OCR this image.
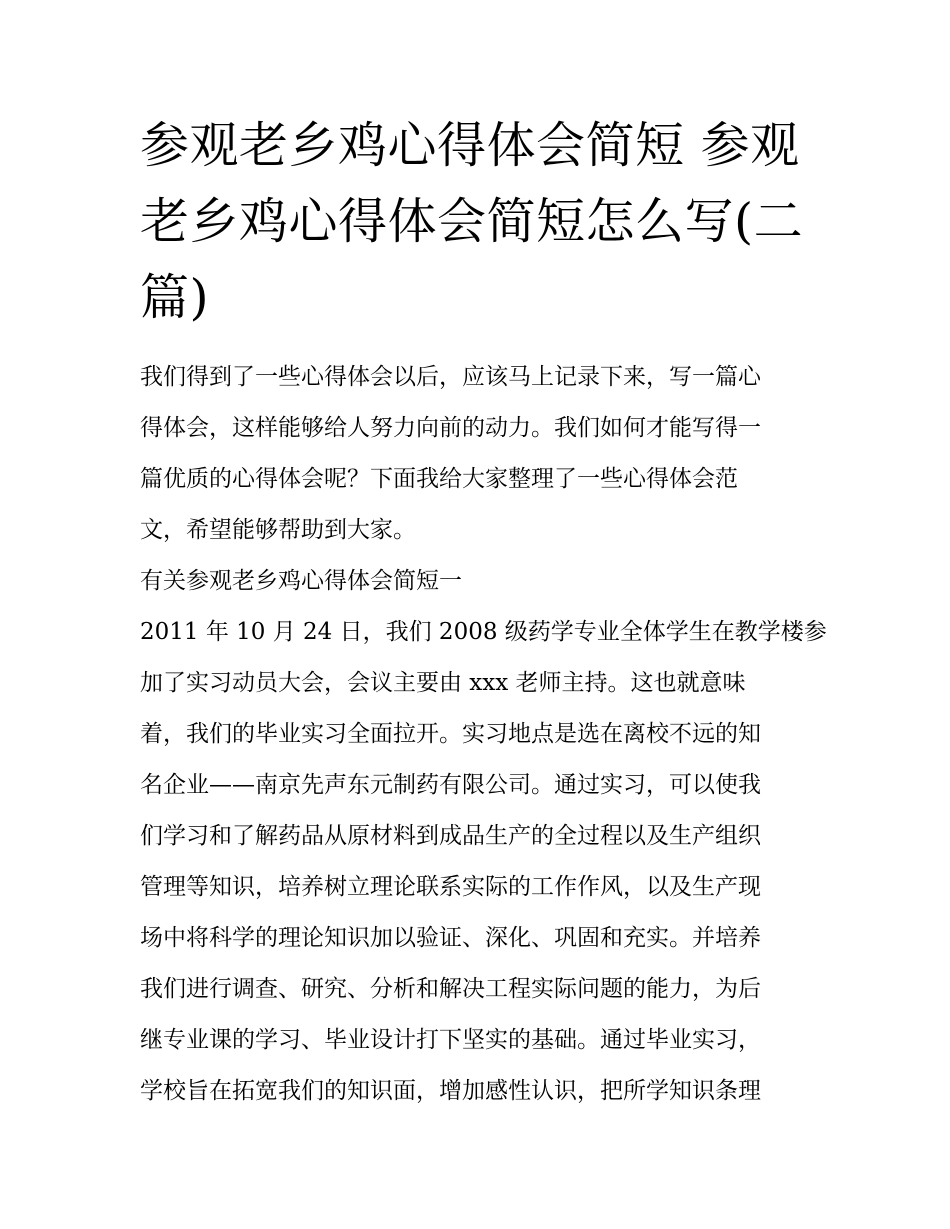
参观老乡鸡心得体会简短 参观
老乡鸡心得体会简短怎么写(二
篇)
我们得到了一些心得体会以后，应该马上记录下来，写一篇心
得体会，这样能够给人努力向前的动力。我们如何才能写得一
篇优质的心得体会呢？下面我给大家整理了一些心得体会范
文，希望能够帮助到大家。
有关参观老乡鸡心得体会简短一
2011 年 10 月 24 日，我们 2008 级药学专业全体学生在教学楼参
加了实习动员大会，会议主要由 xxx 老师主持。这也就意味
着，我们的毕业实习全面拉开。实习地点是选在离校不远的知
名企业——南京先声东元制药有限公司。通过实习，可以使我
们学习和了解药品从原材料到成品生产的全过程以及生产组织
管理等知识，培养树立理论联系实际的工作作风，以及生产现
场中将科学的理论知识加以验证、深化、巩固和充实。并培养
我们进行调查、研究、分析和解决工程实际问题的能力，为后
继专业课的学习、毕业设计打下坚实的基础。通过毕业实习，
学校旨在拓宽我们的知识面，增加感性认识，把所学知识条理
